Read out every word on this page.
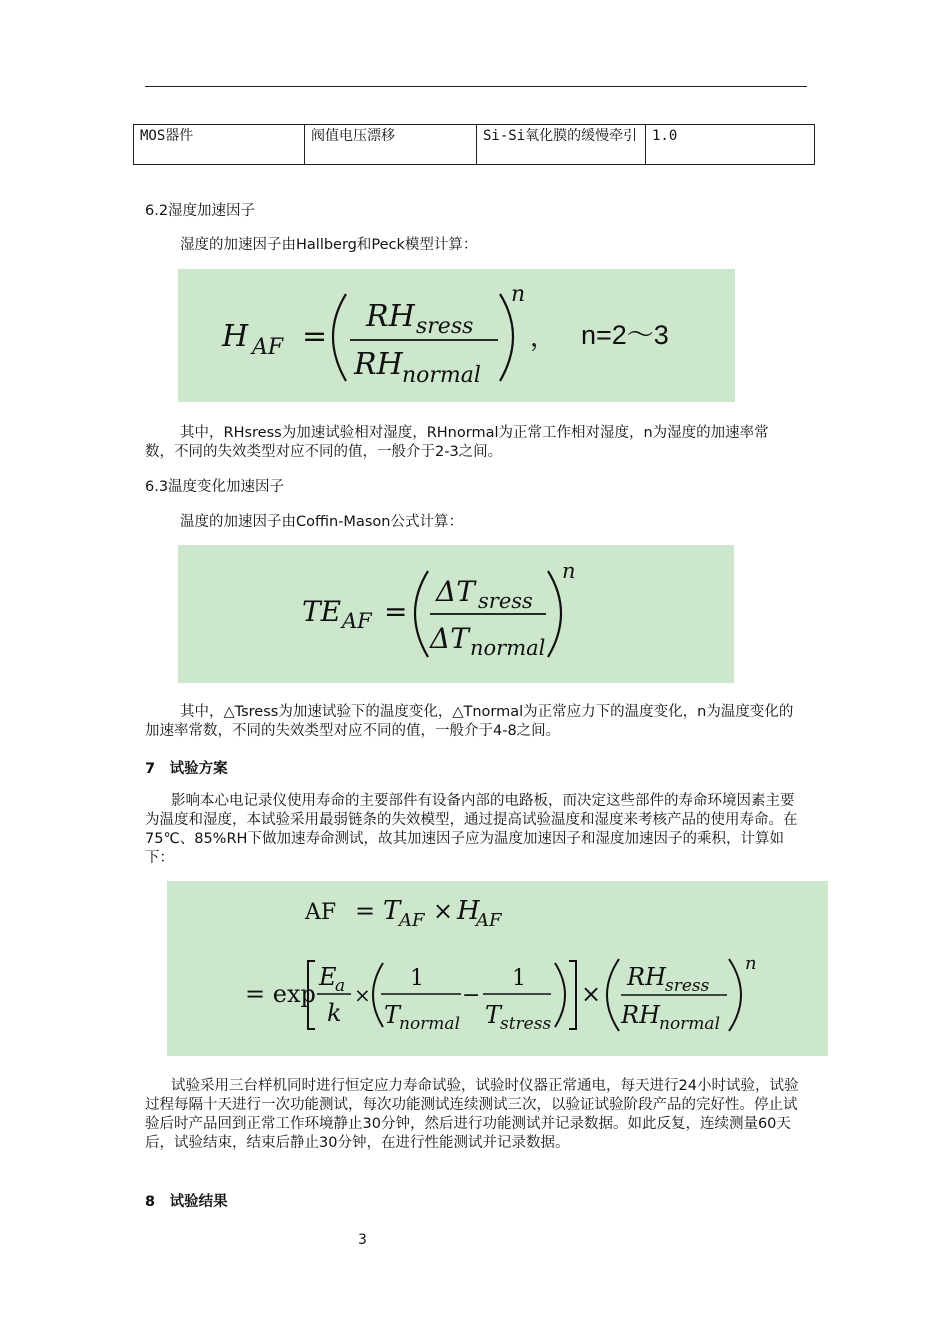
MOS器件	阀值电压漂移	Si-Si氧化膜的缓慢牵引	1.0
6.2湿度加速因子
湿度的加速因子由Hallberg和Peck模型计算：
H AF =
RH sress
RH normal
n
， n=2～3
其中，RHsress为加速试验相对湿度，RHnormal为正常工作相对湿度，n为湿度的加速率常数，不同的失效类型对应不同的值，一般介于2-3之间。
6.3温度变化加速因子
温度的加速因子由Coffin-Mason公式计算：
TE AF =
ΔT sress
ΔT normal
n
其中，△Tsress为加速试验下的温度变化，△Tnormal为正常应力下的温度变化，n为温度变化的加速率常数，不同的失效类型对应不同的值，一般介于4-8之间。
7　试验方案
影响本心电记录仪使用寿命的主要部件有设备内部的电路板，而决定这些部件的寿命环境因素主要为温度和湿度，本试验采用最弱链条的失效模型，通过提高试验温度和湿度来考核产品的使用寿命。在75℃、85%RH下做加速寿命测试，故其加速因子应为温度加速因子和湿度加速因子的乘积，计算如下：
AF = T
AF × H
AF
= exp
E
a
k
×
1
T
normal
−
1
T
stress
×
RH sress
RH normal
n
试验采用三台样机同时进行恒定应力寿命试验，试验时仪器正常通电，每天进行24小时试验，试验过程每隔十天进行一次功能测试，每次功能测试连续测试三次，以验证试验阶段产品的完好性。停止试验后时产品回到正常工作环境静止30分钟，然后进行功能测试并记录数据。如此反复，连续测量60天后，试验结束，结束后静止30分钟，在进行性能测试并记录数据。
8　试验结果
3
